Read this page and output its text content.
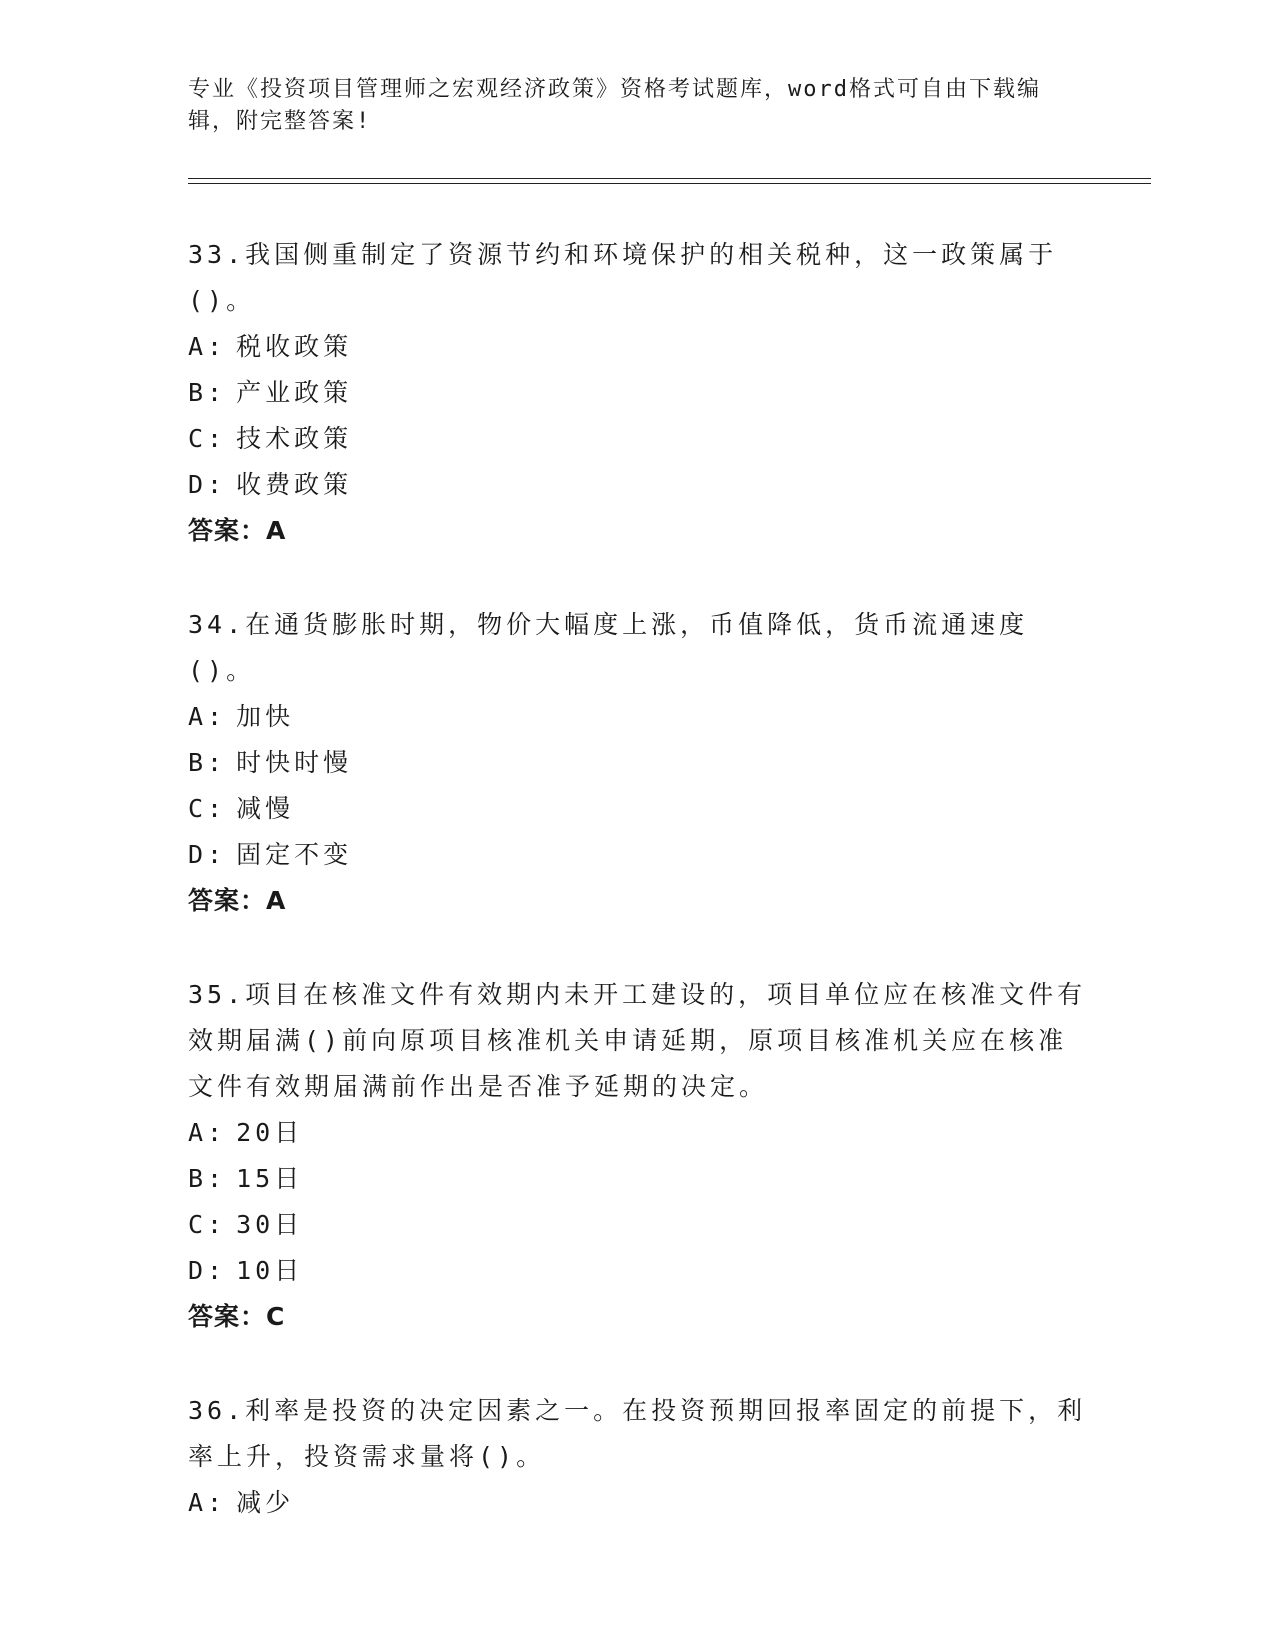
专业《投资项目管理师之宏观经济政策》资格考试题库，word格式可自由下载编辑，附完整答案!
33.我国侧重制定了资源节约和环境保护的相关税种，这一政策属于()。
A: 税收政策
B: 产业政策
C: 技术政策
D: 收费政策
答案：A
34.在通货膨胀时期，物价大幅度上涨，币值降低，货币流通速度()。
A: 加快
B: 时快时慢
C: 减慢
D: 固定不变
答案：A
35.项目在核准文件有效期内未开工建设的，项目单位应在核准文件有效期届满()前向原项目核准机关申请延期，原项目核准机关应在核准文件有效期届满前作出是否准予延期的决定。
A: 20日
B: 15日
C: 30日
D: 10日
答案：C
36.利率是投资的决定因素之一。在投资预期回报率固定的前提下，利率上升，投资需求量将()。
A: 减少
